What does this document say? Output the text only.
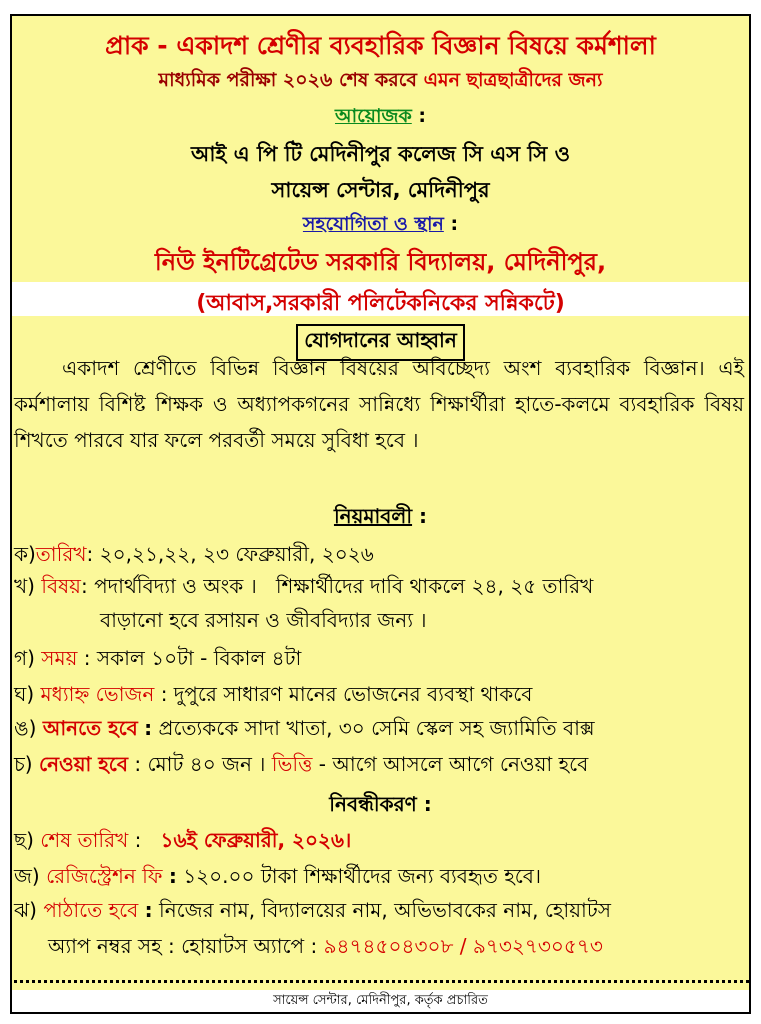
প্রাক - একাদশ শ্রেণীর ব্যবহারিক বিজ্ঞান বিষয়ে কর্মশালা
মাধ্যমিক পরীক্ষা ২০২৬ শেষ করবে এমন ছাত্রছাত্রীদের জন্য
আয়োজক :
আই এ পি টি মেদিনীপুর কলেজ সি এস সি ও
সায়েন্স সেন্টার, মেদিনীপুর
সহযোগিতা ও স্থান :
নিউ ইনটিগ্রেটেড সরকারি বিদ্যালয়, মেদিনীপুর,
(আবাস,সরকারী পলিটেকনিকের সন্নিকটে)
যোগদানের আহ্বান
একাদশ শ্রেণীতে বিভিন্ন বিজ্ঞান বিষয়ের অবিচ্ছেদ্য অংশ ব্যবহারিক বিজ্ঞান। এই কর্মশালায় বিশিষ্ট শিক্ষক ও অধ্যাপকগনের সান্নিধ্যে শিক্ষার্থীরা হাতে-কলমে ব্যবহারিক বিষয় শিখতে পারবে যার ফলে পরবর্তী সময়ে সুবিধা হবে ।
নিয়মাবলী :
ক)তারিখ: ২০,২১,২২, ২৩ ফেব্রুয়ারী, ২০২৬
খ) বিষয়: পদার্থবিদ্যা ও অংক । শিক্ষার্থীদের দাবি থাকলে ২৪, ২৫ তারিখ
বাড়ানো হবে রসায়ন ও জীববিদ্যার জন্য ।
গ) সময় : সকাল ১০টা - বিকাল ৪টা
ঘ) মধ্যাহ্ন ভোজন : দুপুরে সাধারণ মানের ভোজনের ব্যবস্থা থাকবে
ঙ) আনতে হবে : প্রত্যেককে সাদা খাতা, ৩০ সেমি স্কেল সহ জ্যামিতি বাক্স
চ) নেওয়া হবে : মোট ৪০ জন । ভিত্তি - আগে আসলে আগে নেওয়া হবে
নিবন্ধীকরণ :
ছ) শেষ তারিখ : ১৬ই ফেব্রুয়ারী, ২০২৬।
জ) রেজিস্ট্রেশন ফি : ১২০.০০ টাকা শিক্ষার্থীদের জন্য ব্যবহৃত হবে।
ঝ) পাঠাতে হবে : নিজের নাম, বিদ্যালয়ের নাম, অভিভাবকের নাম, হোয়াটস
অ্যাপ নম্বর সহ : হোয়াটস অ্যাপে : ৯৪৭৪৫০৪৩০৮ / ৯৭৩২৭৩০৫৭৩
সায়েন্স সেন্টার, মেদিনীপুর, কর্তৃক প্রচারিত
